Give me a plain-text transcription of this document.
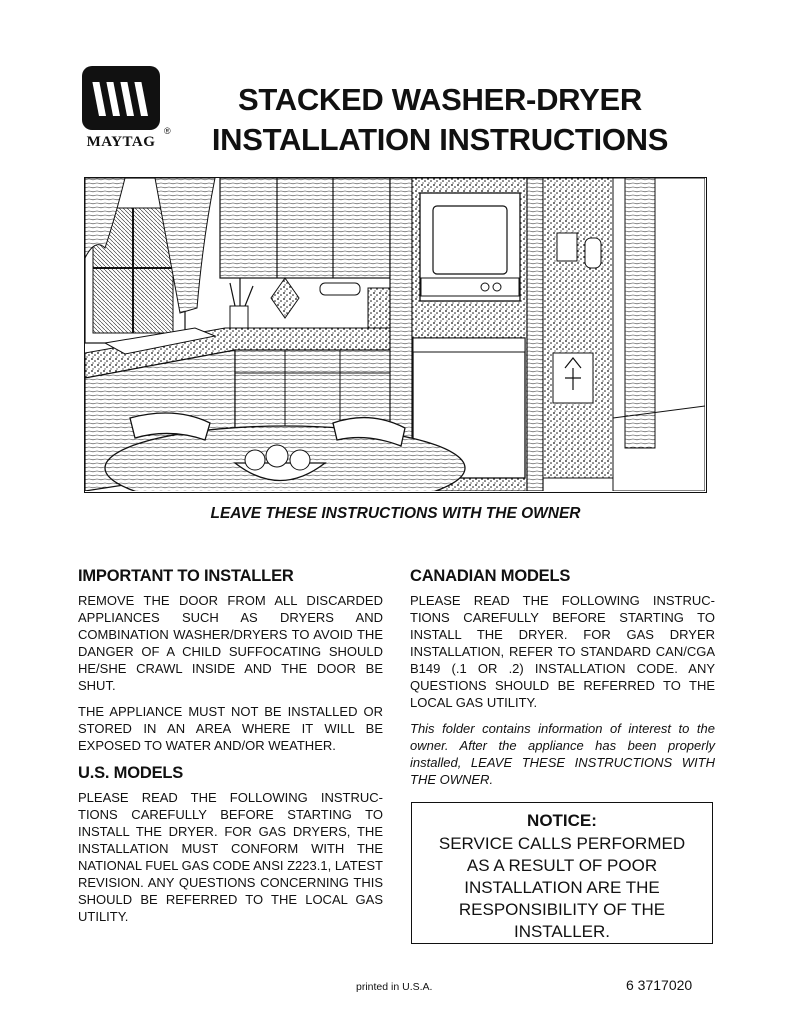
MAYTAG
®
STACKED WASHER-DRYER
INSTALLATION INSTRUCTIONS
LEAVE THESE INSTRUCTIONS WITH THE OWNER
IMPORTANT TO INSTALLER

REMOVE THE DOOR FROM ALL DISCARDED APPLIANCES SUCH AS DRYERS AND COMBINATION WASHER/DRYERS TO AVOID THE DANGER OF A CHILD SUFFOCATING SHOULD HE/SHE CRAWL INSIDE AND THE DOOR BE SHUT.

THE APPLIANCE MUST NOT BE INSTALLED OR STORED IN AN AREA WHERE IT WILL BE EXPOSED TO WATER AND/OR WEATHER.

U.S. MODELS

PLEASE READ THE FOLLOWING INSTRUC-TIONS CAREFULLY BEFORE STARTING TO INSTALL THE DRYER. FOR GAS DRYERS, THE INSTALLATION MUST CONFORM WITH THE NATIONAL FUEL GAS CODE ANSI Z223.1, LATEST REVISION. ANY QUESTIONS CONCERNING THIS SHOULD BE REFERRED TO THE LOCAL GAS UTILITY.

CANADIAN MODELS

PLEASE READ THE FOLLOWING INSTRUC-TIONS CAREFULLY BEFORE STARTING TO INSTALL THE DRYER. FOR GAS DRYER INSTALLATION, REFER TO STANDARD CAN/CGA B149 (.1 OR .2) INSTALLATION CODE. ANY QUESTIONS SHOULD BE REFERRED TO THE LOCAL GAS UTILITY.

This folder contains information of interest to the owner. After the appliance has been properly installed, LEAVE THESE INSTRUCTIONS WITH THE OWNER.

NOTICE:
SERVICE CALLS PERFORMED
AS A RESULT OF POOR
INSTALLATION ARE THE
RESPONSIBILITY OF THE
INSTALLER.
printed in U.S.A.	6 3717020
